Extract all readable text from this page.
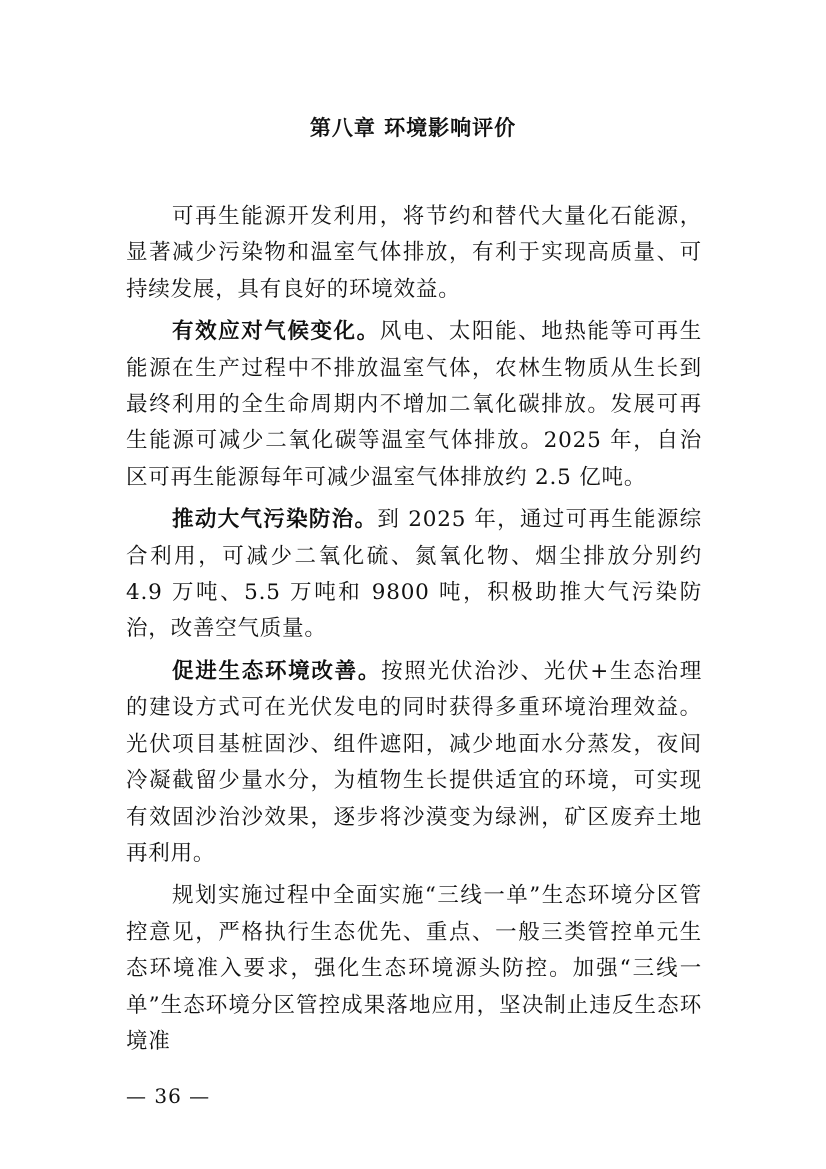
第八章 环境影响评价

可再生能源开发利用，将节约和替代大量化石能源，显著减少污染物和温室气体排放，有利于实现高质量、可持续发展，具有良好的环境效益。

有效应对气候变化。风电、太阳能、地热能等可再生能源在生产过程中不排放温室气体，农林生物质从生长到最终利用的全生命周期内不增加二氧化碳排放。发展可再生能源可减少二氧化碳等温室气体排放。2025 年，自治区可再生能源每年可减少温室气体排放约 2.5 亿吨。

推动大气污染防治。到 2025 年，通过可再生能源综合利用，可减少二氧化硫、氮氧化物、烟尘排放分别约 4.9 万吨、5.5 万吨和 9800 吨，积极助推大气污染防治，改善空气质量。

促进生态环境改善。按照光伏治沙、光伏+生态治理的建设方式可在光伏发电的同时获得多重环境治理效益。光伏项目基桩固沙、组件遮阳，减少地面水分蒸发，夜间冷凝截留少量水分，为植物生长提供适宜的环境，可实现有效固沙治沙效果，逐步将沙漠变为绿洲，矿区废弃土地再利用。

规划实施过程中全面实施“三线一单”生态环境分区管控意见，严格执行生态优先、重点、一般三类管控单元生态环境准入要求，强化生态环境源头防控。加强“三线一单”生态环境分区管控成果落地应用，坚决制止违反生态环境准

— 36 —
